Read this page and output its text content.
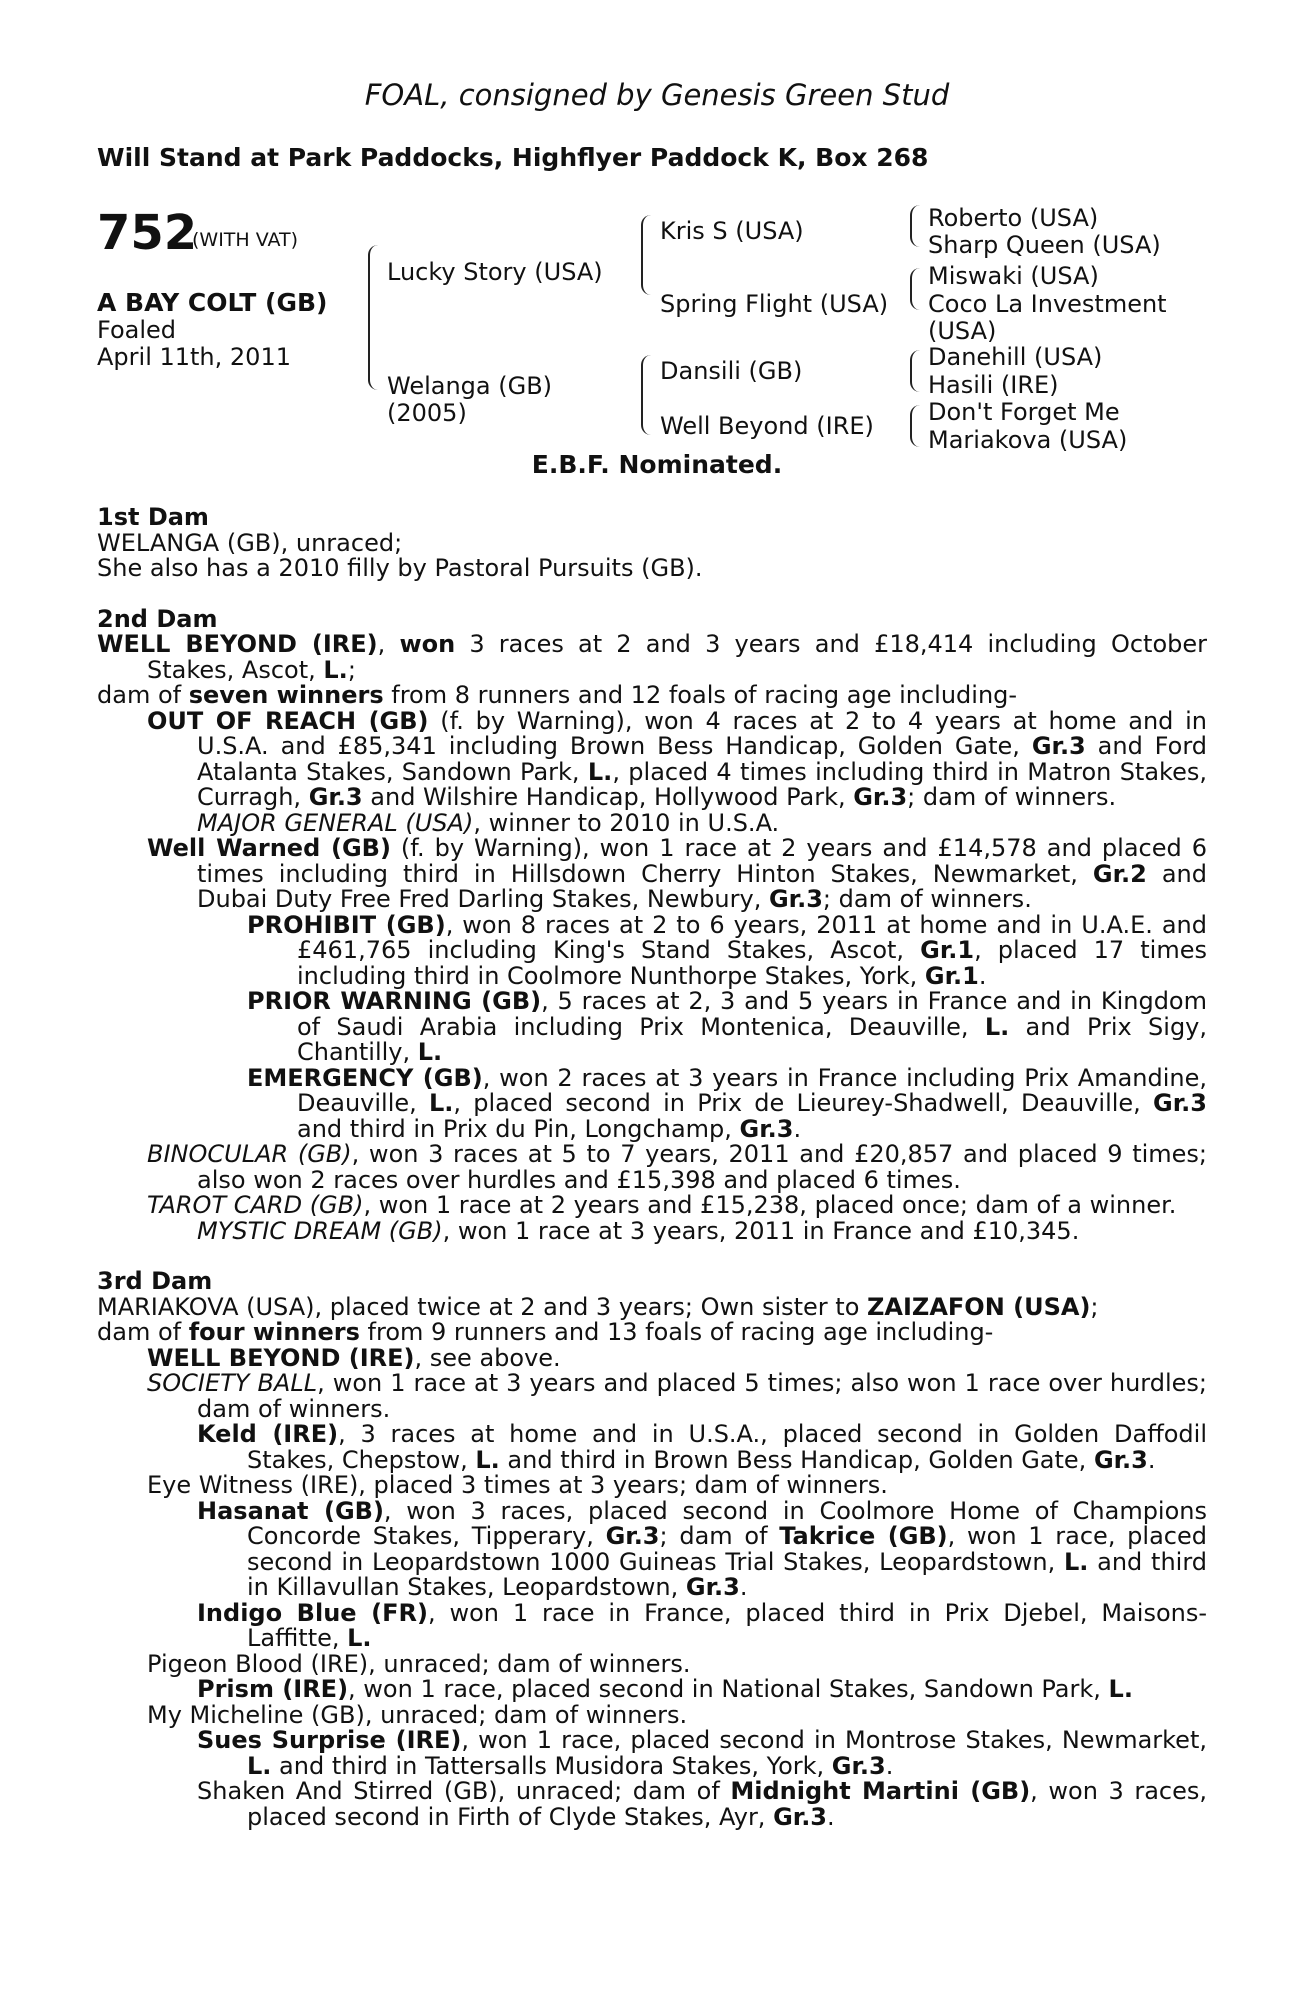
FOAL, consigned by Genesis Green Stud
Will Stand at Park Paddocks, Highflyer Paddock K, Box 268
752
(WITH VAT)
A BAY COLT (GB)
Foaled
April 11th, 2011
Lucky Story (USA)
Welanga (GB)
(2005)
Kris S (USA)
Spring Flight (USA)
Dansili (GB)
Well Beyond (IRE)
Roberto (USA)
Sharp Queen (USA)
Miswaki (USA)
Coco La Investment
(USA)
Danehill (USA)
Hasili (IRE)
Don't Forget Me
Mariakova (USA)
E.B.F. Nominated.

1st Dam

WELANGA (GB), unraced;

She also has a 2010 filly by Pastoral Pursuits (GB).

2nd Dam

WELL BEYOND (IRE), won 3 races at 2 and 3 years and £18,414 including October Stakes, Ascot, L.;

dam of seven winners from 8 runners and 12 foals of racing age including-

OUT OF REACH (GB) (f. by Warning), won 4 races at 2 to 4 years at home and in U.S.A. and £85,341 including Brown Bess Handicap, Golden Gate, Gr.3 and Ford Atalanta Stakes, Sandown Park, L., placed 4 times including third in Matron Stakes, Curragh, Gr.3 and Wilshire Handicap, Hollywood Park, Gr.3; dam of winners.

MAJOR GENERAL (USA), winner to 2010 in U.S.A.

Well Warned (GB) (f. by Warning), won 1 race at 2 years and £14,578 and placed 6 times including third in Hillsdown Cherry Hinton Stakes, Newmarket, Gr.2 and Dubai Duty Free Fred Darling Stakes, Newbury, Gr.3; dam of winners.

PROHIBIT (GB), won 8 races at 2 to 6 years, 2011 at home and in U.A.E. and £461,765 including King's Stand Stakes, Ascot, Gr.1, placed 17 times including third in Coolmore Nunthorpe Stakes, York, Gr.1.

PRIOR WARNING (GB), 5 races at 2, 3 and 5 years in France and in Kingdom of Saudi Arabia including Prix Montenica, Deauville, L. and Prix Sigy, Chantilly, L.

EMERGENCY (GB), won 2 races at 3 years in France including Prix Amandine, Deauville, L., placed second in Prix de Lieurey-Shadwell, Deauville, Gr.3 and third in Prix du Pin, Longchamp, Gr.3.

BINOCULAR (GB), won 3 races at 5 to 7 years, 2011 and £20,857 and placed 9 times; also won 2 races over hurdles and £15,398 and placed 6 times.

TAROT CARD (GB), won 1 race at 2 years and £15,238, placed once; dam of a winner.

MYSTIC DREAM (GB), won 1 race at 3 years, 2011 in France and £10,345.

3rd Dam

MARIAKOVA (USA), placed twice at 2 and 3 years; Own sister to ZAIZAFON (USA);

dam of four winners from 9 runners and 13 foals of racing age including-

WELL BEYOND (IRE), see above.

SOCIETY BALL, won 1 race at 3 years and placed 5 times; also won 1 race over hurdles; dam of winners.

Keld (IRE), 3 races at home and in U.S.A., placed second in Golden Daffodil Stakes, Chepstow, L. and third in Brown Bess Handicap, Golden Gate, Gr.3.

Eye Witness (IRE), placed 3 times at 3 years; dam of winners.

Hasanat (GB), won 3 races, placed second in Coolmore Home of Champions Concorde Stakes, Tipperary, Gr.3; dam of Takrice (GB), won 1 race, placed second in Leopardstown 1000 Guineas Trial Stakes, Leopardstown, L. and third in Killavullan Stakes, Leopardstown, Gr.3.

Indigo Blue (FR), won 1 race in France, placed third in Prix Djebel, Maisons-Laffitte, L.

Pigeon Blood (IRE), unraced; dam of winners.

Prism (IRE), won 1 race, placed second in National Stakes, Sandown Park, L.

My Micheline (GB), unraced; dam of winners.

Sues Surprise (IRE), won 1 race, placed second in Montrose Stakes, Newmarket, L. and third in Tattersalls Musidora Stakes, York, Gr.3.

Shaken And Stirred (GB), unraced; dam of Midnight Martini (GB), won 3 races, placed second in Firth of Clyde Stakes, Ayr, Gr.3.
